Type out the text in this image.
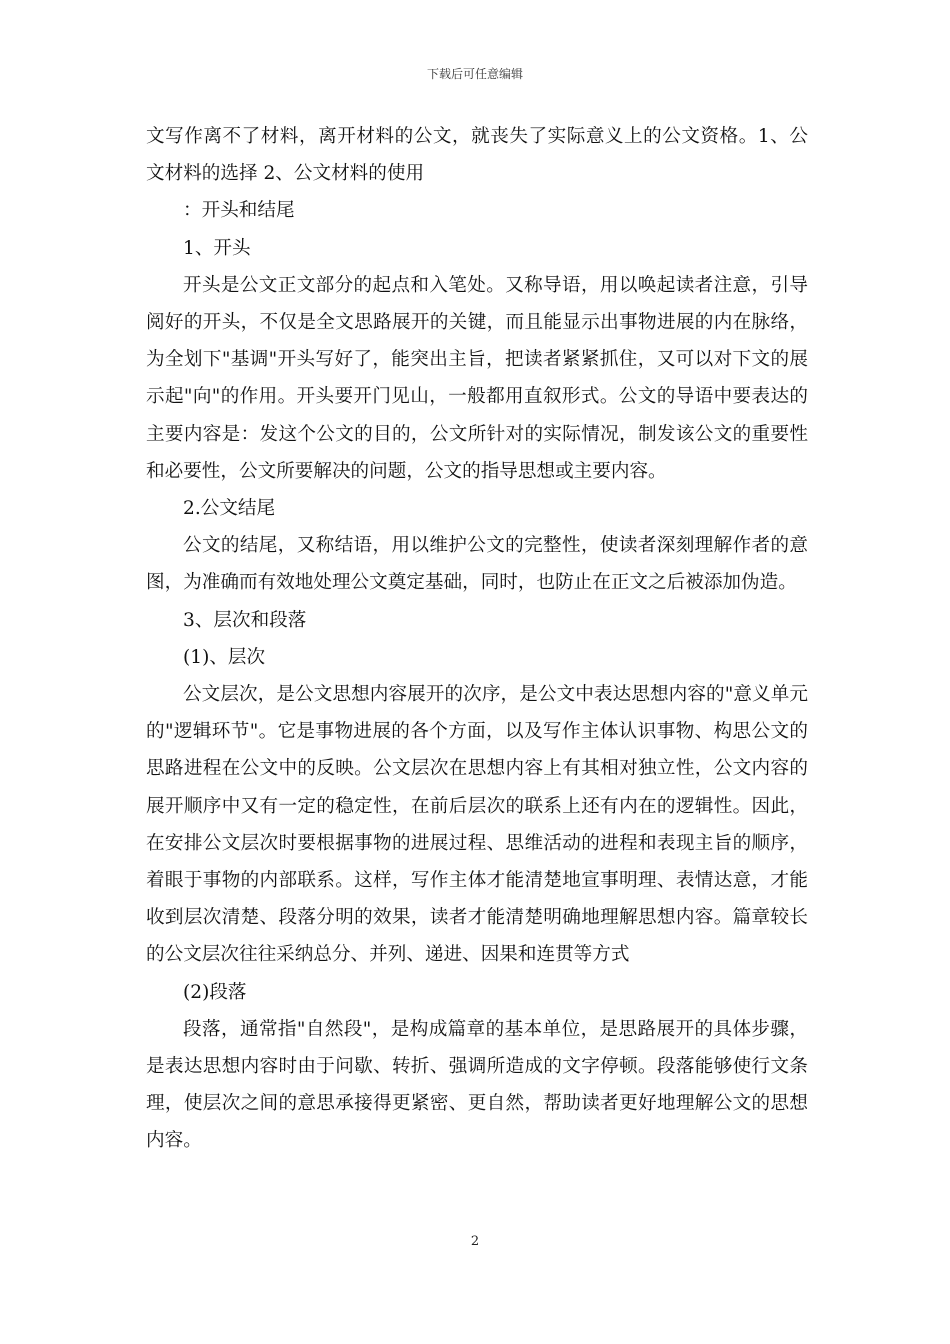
下载后可任意编辑

文写作离不了材料，离开材料的公文，就丧失了实际意义上的公文资格。1、公文材料的选择 2、公文材料的使用

：开头和结尾

1、开头

开头是公文正文部分的起点和入笔处。又称导语，用以唤起读者注意，引导阅好的开头，不仅是全文思路展开的关键，而且能显示出事物进展的内在脉络，为全划下"基调"开头写好了，能突出主旨，把读者紧紧抓住，又可以对下文的展示起"向"的作用。开头要开门见山，一般都用直叙形式。公文的导语中要表达的主要内容是：发这个公文的目的，公文所针对的实际情况，制发该公文的重要性和必要性，公文所要解决的问题，公文的指导思想或主要内容。

2.公文结尾

公文的结尾，又称结语，用以维护公文的完整性，使读者深刻理解作者的意图，为准确而有效地处理公文奠定基础，同时，也防止在正文之后被添加伪造。

3、层次和段落

(1)、层次

公文层次，是公文思想内容展开的次序，是公文中表达思想内容的"意义单元的"逻辑环节"。它是事物进展的各个方面，以及写作主体认识事物、构思公文的思路进程在公文中的反映。公文层次在思想内容上有其相对独立性，公文内容的展开顺序中又有一定的稳定性，在前后层次的联系上还有内在的逻辑性。因此，在安排公文层次时要根据事物的进展过程、思维活动的进程和表现主旨的顺序，着眼于事物的内部联系。这样，写作主体才能清楚地宣事明理、表情达意，才能收到层次清楚、段落分明的效果，读者才能清楚明确地理解思想内容。篇章较长的公文层次往往采纳总分、并列、递进、因果和连贯等方式

(2)段落

段落，通常指"自然段"，是构成篇章的基本单位，是思路展开的具体步骤，是表达思想内容时由于问歇、转折、强调所造成的文字停顿。段落能够使行文条理，使层次之间的意思承接得更紧密、更自然，帮助读者更好地理解公文的思想内容。

2
